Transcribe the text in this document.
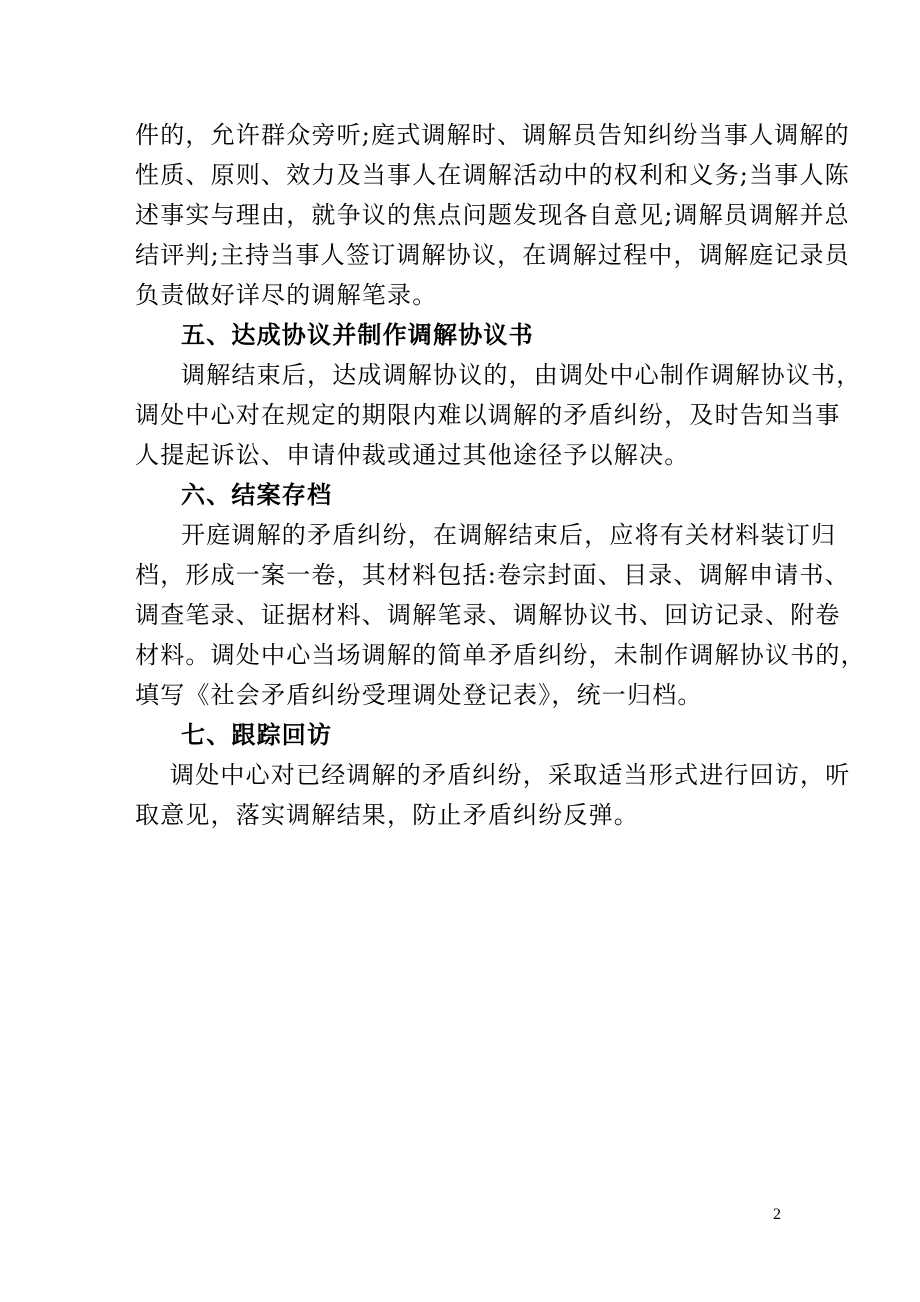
件的，允许群众旁听;庭式调解时、调解员告知纠纷当事人调解的
性质、原则、效力及当事人在调解活动中的权利和义务;当事人陈
述事实与理由，就争议的焦点问题发现各自意见;调解员调解并总
结评判;主持当事人签订调解协议，在调解过程中，调解庭记录员
负责做好详尽的调解笔录。
五、达成协议并制作调解协议书
调解结束后，达成调解协议的，由调处中心制作调解协议书，
调处中心对在规定的期限内难以调解的矛盾纠纷，及时告知当事
人提起诉讼、申请仲裁或通过其他途径予以解决。
六、结案存档
开庭调解的矛盾纠纷，在调解结束后，应将有关材料装订归
档，形成一案一卷，其材料包括:卷宗封面、目录、调解申请书、
调查笔录、证据材料、调解笔录、调解协议书、回访记录、附卷
材料。调处中心当场调解的简单矛盾纠纷，未制作调解协议书的，
填写《社会矛盾纠纷受理调处登记表》，统一归档。
七、跟踪回访
调处中心对已经调解的矛盾纠纷，采取适当形式进行回访，听
取意见，落实调解结果，防止矛盾纠纷反弹。
2
